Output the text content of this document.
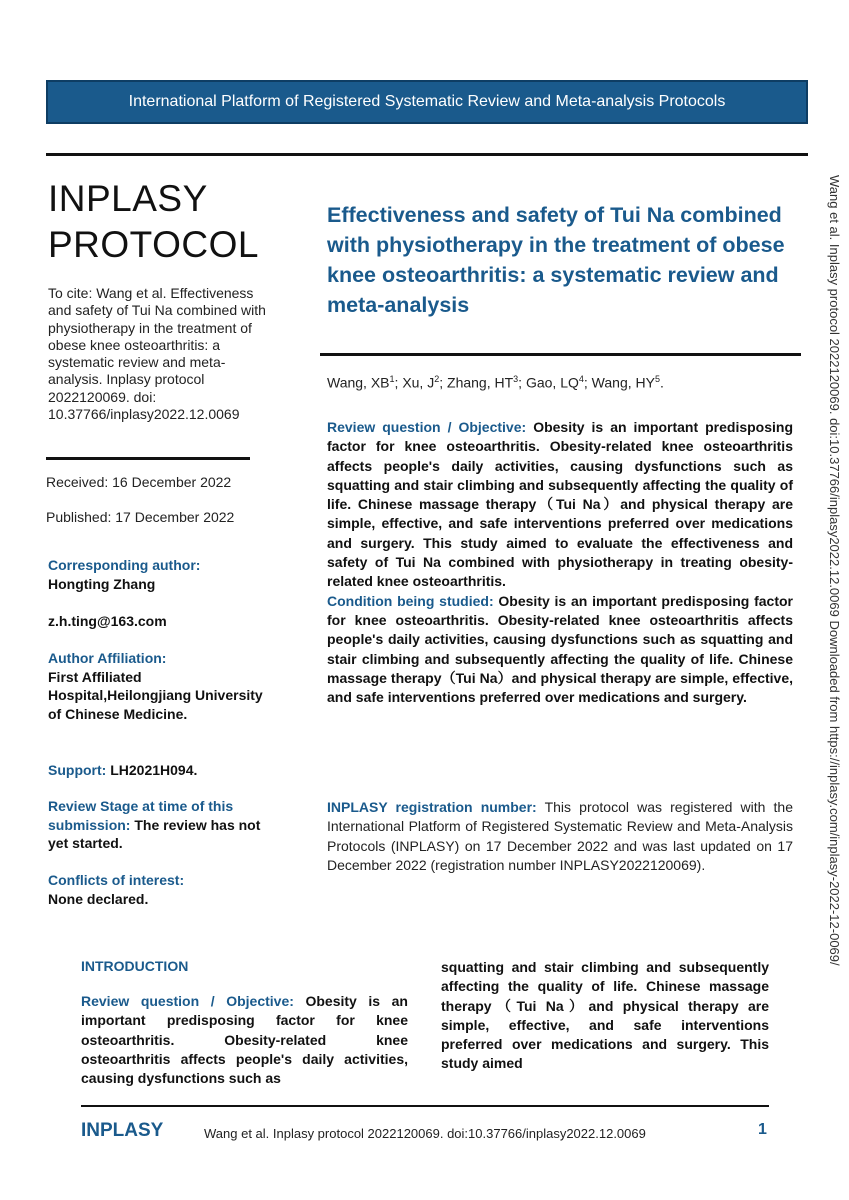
International Platform of Registered Systematic Review and Meta-analysis Protocols
INPLASY
PROTOCOL
To cite: Wang et al. Effectiveness and safety of Tui Na combined with physiotherapy in the treatment of obese knee osteoarthritis: a systematic review and meta-analysis. Inplasy protocol 2022120069. doi: 10.37766/inplasy2022.12.0069
Received: 16 December 2022
Published: 17 December 2022
Corresponding author:
Hongting Zhang
z.h.ting@163.com
Author Affiliation:
First Affiliated Hospital,Heilongjiang University of Chinese Medicine.
Support: LH2021H094.
Review Stage at time of this submission: The review has not yet started.
Conflicts of interest:
None declared.
Effectiveness and safety of Tui Na combined with physiotherapy in the treatment of obese knee osteoarthritis: a systematic review and meta-analysis
Wang, $XB^1$; Xu, $J^2$; Zhang, $HT^3$; Gao, $LQ^4$; Wang, $HY^5$.
Review question / Objective: Obesity is an important predisposing factor for knee osteoarthritis. Obesity-related knee osteoarthritis affects people's daily activities, causing dysfunctions such as squatting and stair climbing and subsequently affecting the quality of life. Chinese massage therapy（Tui Na）and physical therapy are simple, effective, and safe interventions preferred over medications and surgery. This study aimed to evaluate the effectiveness and safety of Tui Na combined with physiotherapy in treating obesity-related knee osteoarthritis.
Condition being studied: Obesity is an important predisposing factor for knee osteoarthritis. Obesity-related knee osteoarthritis affects people's daily activities, causing dysfunctions such as squatting and stair climbing and subsequently affecting the quality of life. Chinese massage therapy（Tui Na）and physical therapy are simple, effective, and safe interventions preferred over medications and surgery.
INPLASY registration number: This protocol was registered with the International Platform of Registered Systematic Review and Meta-Analysis Protocols (INPLASY) on 17 December 2022 and was last updated on 17 December 2022 (registration number INPLASY2022120069).
INTRODUCTION
Review question / Objective: Obesity is an important predisposing factor for knee osteoarthritis. Obesity-related knee osteoarthritis affects people's daily activities, causing dysfunctions such as
squatting and stair climbing and subsequently affecting the quality of life. Chinese massage therapy（Tui Na）and physical therapy are simple, effective, and safe interventions preferred over medications and surgery. This study aimed
INPLASY	Wang et al. Inplasy protocol 2022120069. doi:10.37766/inplasy2022.12.0069	1
Wang et al. Inplasy protocol 2022120069. doi:10.37766/inplasy2022.12.0069 Downloaded from https://inplasy.com/inplasy-2022-12-0069/
